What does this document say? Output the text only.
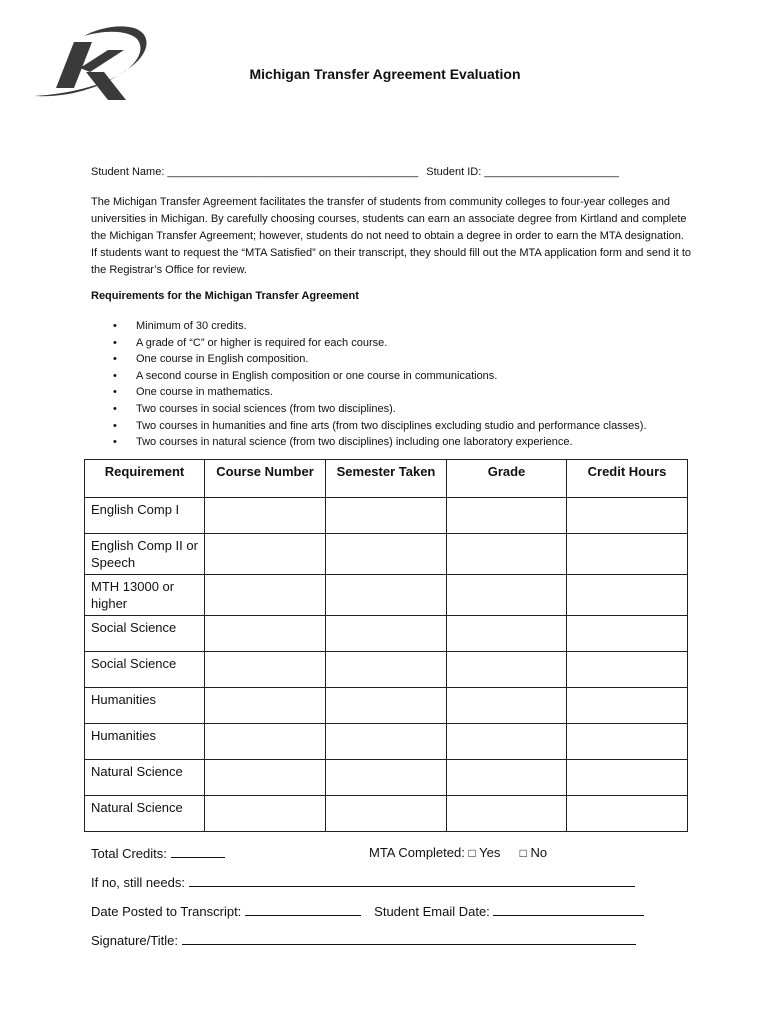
Michigan Transfer Agreement Evaluation
Student Name: _________________________________________ Student ID: ______________________
The Michigan Transfer Agreement facilitates the transfer of students from community colleges to four-year colleges and universities in Michigan. By carefully choosing courses, students can earn an associate degree from Kirtland and complete the Michigan Transfer Agreement; however, students do not need to obtain a degree in order to earn the MTA designation. If students want to request the “MTA Satisfied” on their transcript, they should fill out the MTA application form and send it to the Registrar’s Office for review.
Requirements for the Michigan Transfer Agreement
• Minimum of 30 credits.
• A grade of “C” or higher is required for each course.
• One course in English composition.
• A second course in English composition or one course in communications.
• One course in mathematics.
• Two courses in social sciences (from two disciplines).
• Two courses in humanities and fine arts (from two disciplines excluding studio and performance classes).
• Two courses in natural science (from two disciplines) including one laboratory experience.
Requirement	Course Number	Semester Taken	Grade	Credit Hours
English Comp I				
English Comp II or Speech				
MTH 13000 or higher				
Social Science				
Social Science				
Humanities				
Humanities				
Natural Science				
Natural Science				
Total Credits:	MTA Completed: □ Yes □ No
If no, still needs:
Date Posted to Transcript:	Student Email Date:
Signature/Title:
